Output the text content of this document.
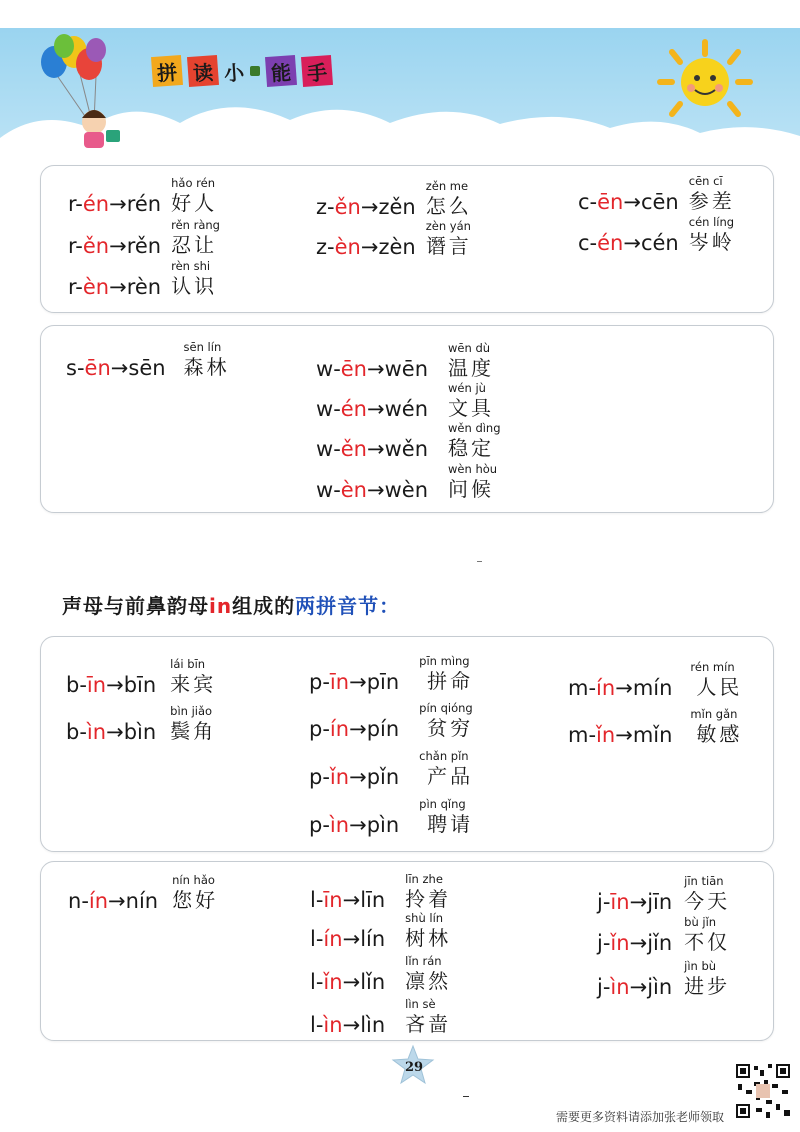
拼 读 小 能 手
r-én→rén
hǎo rén
好人
r-ěn→rěn
rěn ràng
忍让
r-èn→rèn
rèn shi
认识
z-ěn→zěn
zěn me
怎么
z-èn→zèn
zèn yán
谮言
c-ēn→cēn
cēn cī
参差
c-én→cén
cén líng
岑岭
s-ēn→sēn
sēn lín
森林	w-ēn→wēn
wēn dù
温度
w-én→wén
wén jù
文具
w-ěn→wěn
wěn dìng
稳定
w-èn→wèn
wèn hòu
问候
声母与前鼻韵母in组成的两拼音节：
b-īn→bīn
lái bīn
来宾
b-ìn→bìn
bìn jiǎo
鬓角
p-īn→pīn
pīn mìng
拼命
p-ín→pín
pín qióng
贫穷
p-ǐn→pǐn
chǎn pǐn
产品
p-ìn→pìn
pìn qǐng
聘请
m-ín→mín
rén mín
人民
m-ǐn→mǐn
mǐn gǎn
敏感
n-ín→nín
nín hǎo
您好	l-īn→līn
līn zhe
拎着
l-ín→lín
shù lín
树林
l-ǐn→lǐn
lǐn rán
凛然
l-ìn→lìn
lìn sè
吝啬
j-īn→jīn
jīn tiān
今天
j-ǐn→jǐn
bù jǐn
不仅
j-ìn→jìn
jìn bù
进步
29
需要更多资料请添加张老师领取
